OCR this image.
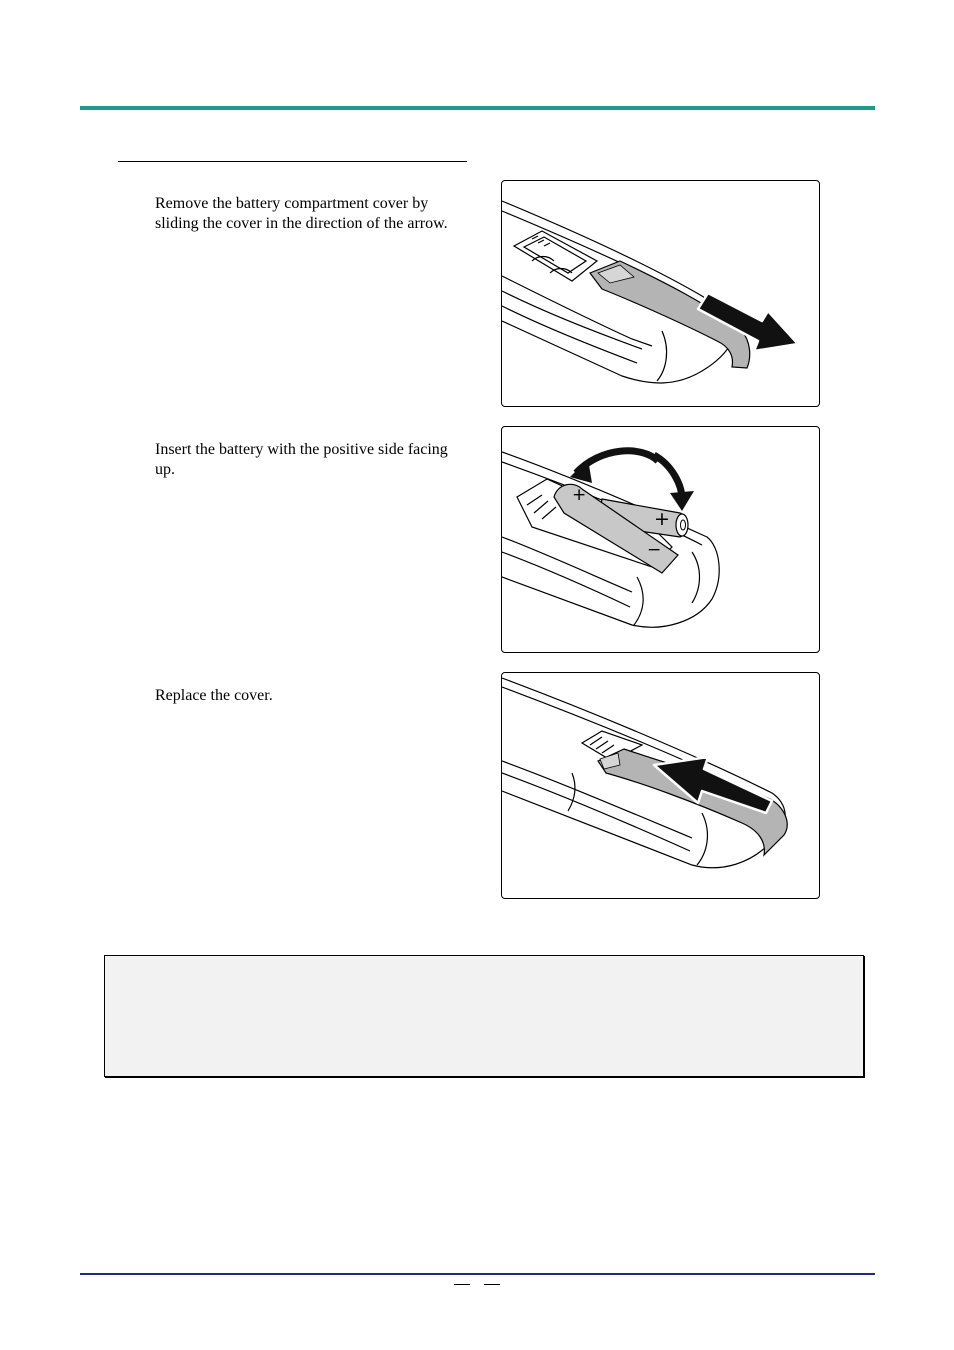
Remove the battery compartment cover by sliding the cover in the direction of the arrow.
Insert the battery with the positive side facing up.
+
+
−
Replace the cover.
